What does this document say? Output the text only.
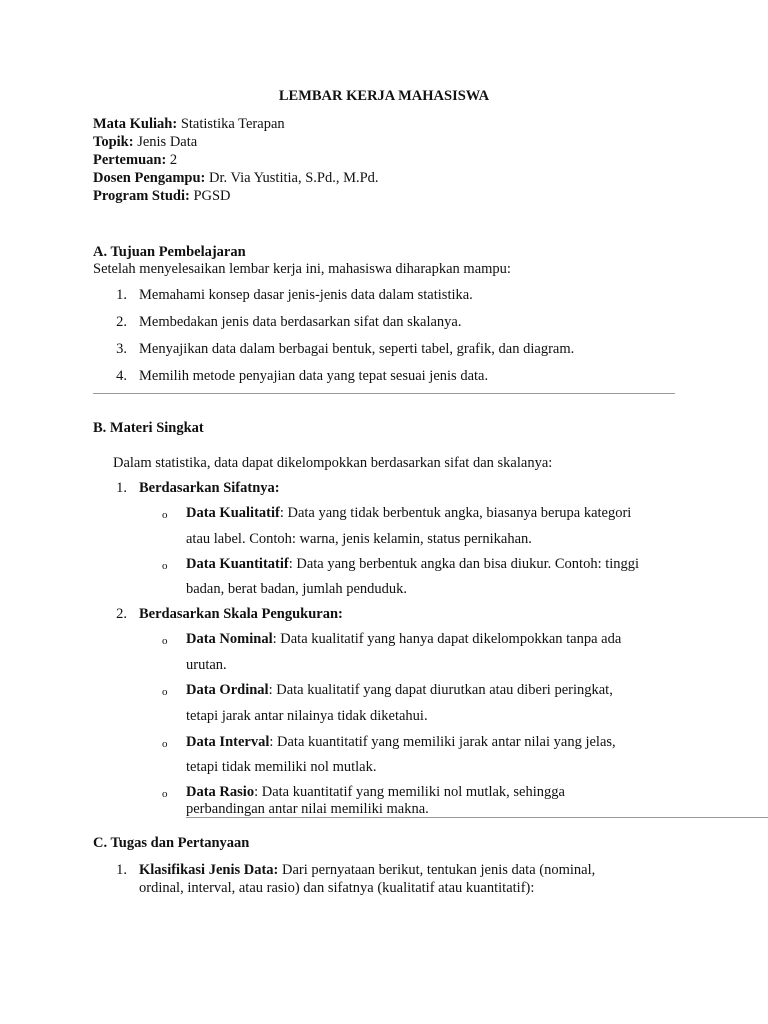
LEMBAR KERJA MAHASISWA
Mata Kuliah: Statistika Terapan
Topik: Jenis Data
Pertemuan: 2
Dosen Pengampu: Dr. Via Yustitia, S.Pd., M.Pd.
Program Studi: PGSD
A. Tujuan Pembelajaran
Setelah menyelesaikan lembar kerja ini, mahasiswa diharapkan mampu:
1. Memahami konsep dasar jenis-jenis data dalam statistika.
2. Membedakan jenis data berdasarkan sifat dan skalanya.
3. Menyajikan data dalam berbagai bentuk, seperti tabel, grafik, dan diagram.
4. Memilih metode penyajian data yang tepat sesuai jenis data.
B. Materi Singkat
Dalam statistika, data dapat dikelompokkan berdasarkan sifat dan skalanya:
1. Berdasarkan Sifatnya:
o Data Kualitatif: Data yang tidak berbentuk angka, biasanya berupa kategori
atau label. Contoh: warna, jenis kelamin, status pernikahan.
o Data Kuantitatif: Data yang berbentuk angka dan bisa diukur. Contoh: tinggi
badan, berat badan, jumlah penduduk.
2. Berdasarkan Skala Pengukuran:
o Data Nominal: Data kualitatif yang hanya dapat dikelompokkan tanpa ada
urutan.
o Data Ordinal: Data kualitatif yang dapat diurutkan atau diberi peringkat,
tetapi jarak antar nilainya tidak diketahui.
o Data Interval: Data kuantitatif yang memiliki jarak antar nilai yang jelas,
tetapi tidak memiliki nol mutlak.
o Data Rasio: Data kuantitatif yang memiliki nol mutlak, sehingga
perbandingan antar nilai memiliki makna.
C. Tugas dan Pertanyaan
1. Klasifikasi Jenis Data: Dari pernyataan berikut, tentukan jenis data (nominal,
ordinal, interval, atau rasio) dan sifatnya (kualitatif atau kuantitatif):
